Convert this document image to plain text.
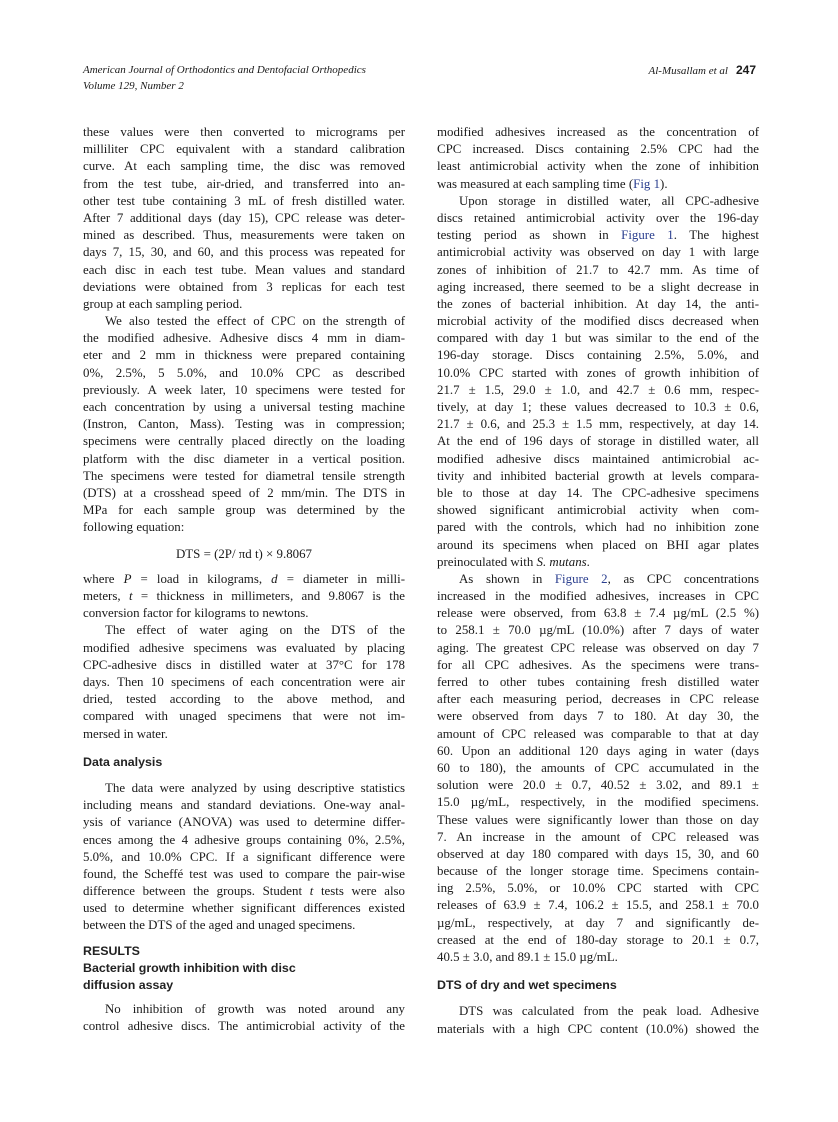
American Journal of Orthodontics and Dentofacial Orthopedics
Volume 129, Number 2
Al-Musallam et al 247
these values were then converted to micrograms per
milliliter CPC equivalent with a standard calibration
curve. At each sampling time, the disc was removed
from the test tube, air-dried, and transferred into an-
other test tube containing 3 mL of fresh distilled water.
After 7 additional days (day 15), CPC release was deter-
mined as described. Thus, measurements were taken on
days 7, 15, 30, and 60, and this process was repeated for
each disc in each test tube. Mean values and standard
deviations were obtained from 3 replicas for each test
group at each sampling period.
We also tested the effect of CPC on the strength of
the modified adhesive. Adhesive discs 4 mm in diam-
eter and 2 mm in thickness were prepared containing
0%, 2.5%, 5 5.0%, and 10.0% CPC as described
previously. A week later, 10 specimens were tested for
each concentration by using a universal testing machine
(Instron, Canton, Mass). Testing was in compression;
specimens were centrally placed directly on the loading
platform with the disc diameter in a vertical position.
The specimens were tested for diametral tensile strength
(DTS) at a crosshead speed of 2 mm/min. The DTS in
MPa for each sample group was determined by the
following equation:
DTS = (2P/ πd t) × 9.8067
where P = load in kilograms, d = diameter in milli-
meters, t = thickness in millimeters, and 9.8067 is the
conversion factor for kilograms to newtons.
The effect of water aging on the DTS of the
modified adhesive specimens was evaluated by placing
CPC-adhesive discs in distilled water at 37°C for 178
days. Then 10 specimens of each concentration were air
dried, tested according to the above method, and
compared with unaged specimens that were not im-
mersed in water.
Data analysis
The data were analyzed by using descriptive statistics
including means and standard deviations. One-way anal-
ysis of variance (ANOVA) was used to determine differ-
ences among the 4 adhesive groups containing 0%, 2.5%,
5.0%, and 10.0% CPC. If a significant difference were
found, the Scheffé test was used to compare the pair-wise
difference between the groups. Student t tests were also
used to determine whether significant differences existed
between the DTS of the aged and unaged specimens.
RESULTS
Bacterial growth inhibition with disc
diffusion assay
No inhibition of growth was noted around any
control adhesive discs. The antimicrobial activity of the
modified adhesives increased as the concentration of
CPC increased. Discs containing 2.5% CPC had the
least antimicrobial activity when the zone of inhibition
was measured at each sampling time (Fig 1).
Upon storage in distilled water, all CPC-adhesive
discs retained antimicrobial activity over the 196-day
testing period as shown in Figure 1. The highest
antimicrobial activity was observed on day 1 with large
zones of inhibition of 21.7 to 42.7 mm. As time of
aging increased, there seemed to be a slight decrease in
the zones of bacterial inhibition. At day 14, the anti-
microbial activity of the modified discs decreased when
compared with day 1 but was similar to the end of the
196-day storage. Discs containing 2.5%, 5.0%, and
10.0% CPC started with zones of growth inhibition of
21.7 ± 1.5, 29.0 ± 1.0, and 42.7 ± 0.6 mm, respec-
tively, at day 1; these values decreased to 10.3 ± 0.6,
21.7 ± 0.6, and 25.3 ± 1.5 mm, respectively, at day 14.
At the end of 196 days of storage in distilled water, all
modified adhesive discs maintained antimicrobial ac-
tivity and inhibited bacterial growth at levels compara-
ble to those at day 14. The CPC-adhesive specimens
showed significant antimicrobial activity when com-
pared with the controls, which had no inhibition zone
around its specimens when placed on BHI agar plates
preinoculated with S. mutans.
As shown in Figure 2, as CPC concentrations
increased in the modified adhesives, increases in CPC
release were observed, from 63.8 ± 7.4 µg/mL (2.5 %)
to 258.1 ± 70.0 µg/mL (10.0%) after 7 days of water
aging. The greatest CPC release was observed on day 7
for all CPC adhesives. As the specimens were trans-
ferred to other tubes containing fresh distilled water
after each measuring period, decreases in CPC release
were observed from days 7 to 180. At day 30, the
amount of CPC released was comparable to that at day
60. Upon an additional 120 days aging in water (days
60 to 180), the amounts of CPC accumulated in the
solution were 20.0 ± 0.7, 40.52 ± 3.02, and 89.1 ±
15.0 µg/mL, respectively, in the modified specimens.
These values were significantly lower than those on day
7. An increase in the amount of CPC released was
observed at day 180 compared with days 15, 30, and 60
because of the longer storage time. Specimens contain-
ing 2.5%, 5.0%, or 10.0% CPC started with CPC
releases of 63.9 ± 7.4, 106.2 ± 15.5, and 258.1 ± 70.0
µg/mL, respectively, at day 7 and significantly de-
creased at the end of 180-day storage to 20.1 ± 0.7,
40.5 ± 3.0, and 89.1 ± 15.0 µg/mL.
DTS of dry and wet specimens
DTS was calculated from the peak load. Adhesive
materials with a high CPC content (10.0%) showed the
